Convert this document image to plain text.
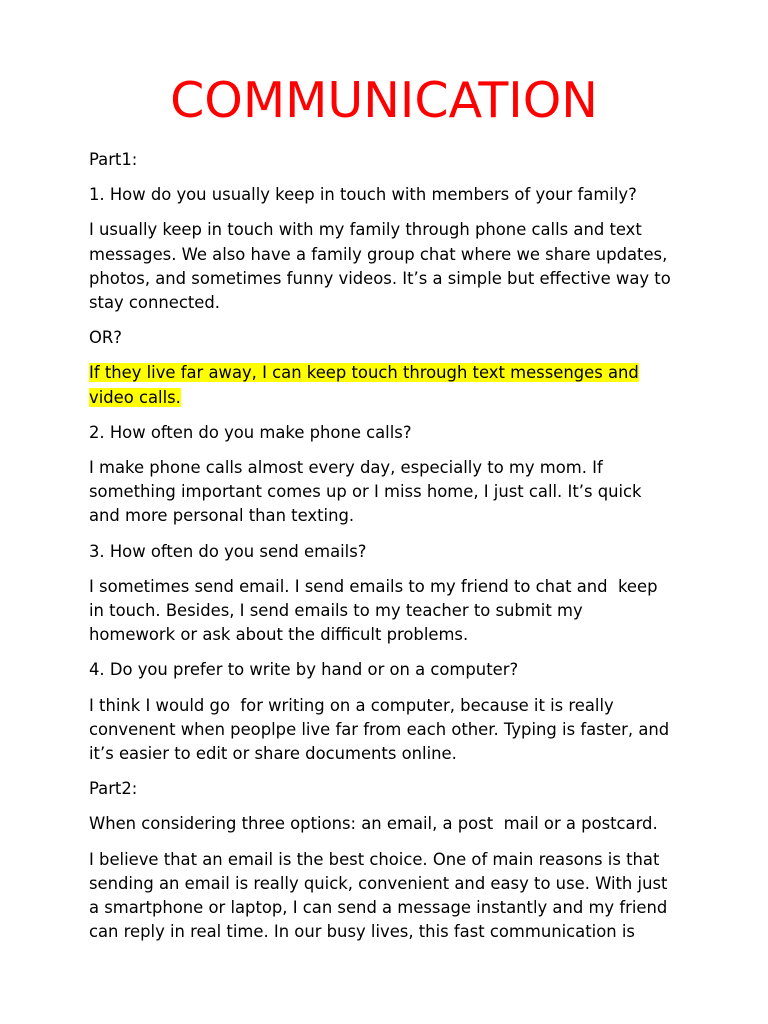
COMMUNICATION

Part1:

1. How do you usually keep in touch with members of your family?

I usually keep in touch with my family through phone calls and text
messages. We also have a family group chat where we share updates,
photos, and sometimes funny videos. It’s a simple but effective way to
stay connected.

OR?

If they live far away, I can keep touch through text messenges and
video calls.

2. How often do you make phone calls?

I make phone calls almost every day, especially to my mom. If
something important comes up or I miss home, I just call. It’s quick
and more personal than texting.

3. How often do you send emails?

I sometimes send email. I send emails to my friend to chat and  keep
in touch. Besides, I send emails to my teacher to submit my
homework or ask about the difficult problems.

4. Do you prefer to write by hand or on a computer?

I think I would go  for writing on a computer, because it is really
convenent when peoplpe live far from each other. Typing is faster, and
it’s easier to edit or share documents online.

Part2:

When considering three options: an email, a post  mail or a postcard.

I believe that an email is the best choice. One of main reasons is that
sending an email is really quick, convenient and easy to use. With just
a smartphone or laptop, I can send a message instantly and my friend
can reply in real time. In our busy lives, this fast communication is
